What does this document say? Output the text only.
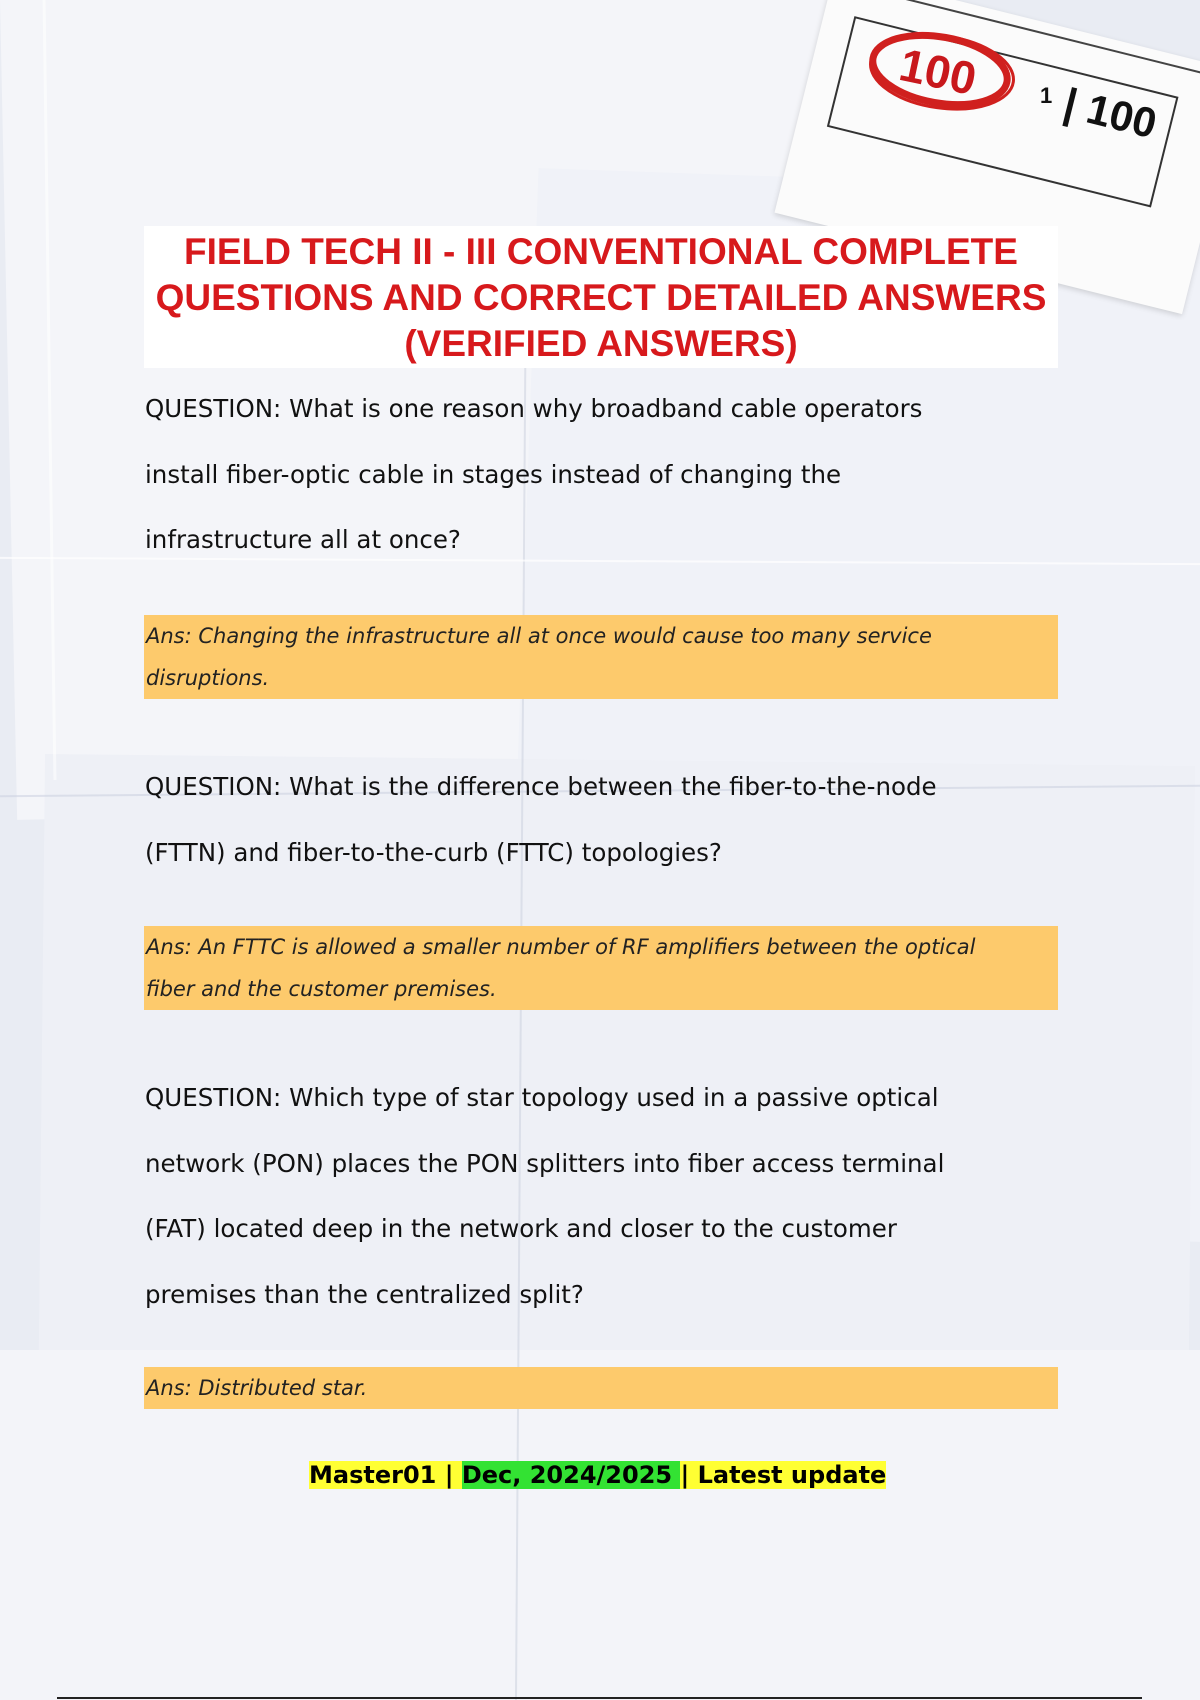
100	1 | 100
FIELD TECH II - III CONVENTIONAL COMPLETE
QUESTIONS AND CORRECT DETAILED ANSWERS
(VERIFIED ANSWERS)
QUESTION: What is one reason why broadband cable operators
install fiber-optic cable in stages instead of changing the
infrastructure all at once?
Ans: Changing the infrastructure all at once would cause too many service
disruptions.
QUESTION: What is the difference between the fiber-to-the-node
(FTTN) and fiber-to-the-curb (FTTC) topologies?
Ans: An FTTC is allowed a smaller number of RF amplifiers between the optical
fiber and the customer premises.
QUESTION: Which type of star topology used in a passive optical
network (PON) places the PON splitters into fiber access terminal
(FAT) located deep in the network and closer to the customer
premises than the centralized split?
Ans: Distributed star.
Master01 | Dec, 2024/2025 | Latest update
